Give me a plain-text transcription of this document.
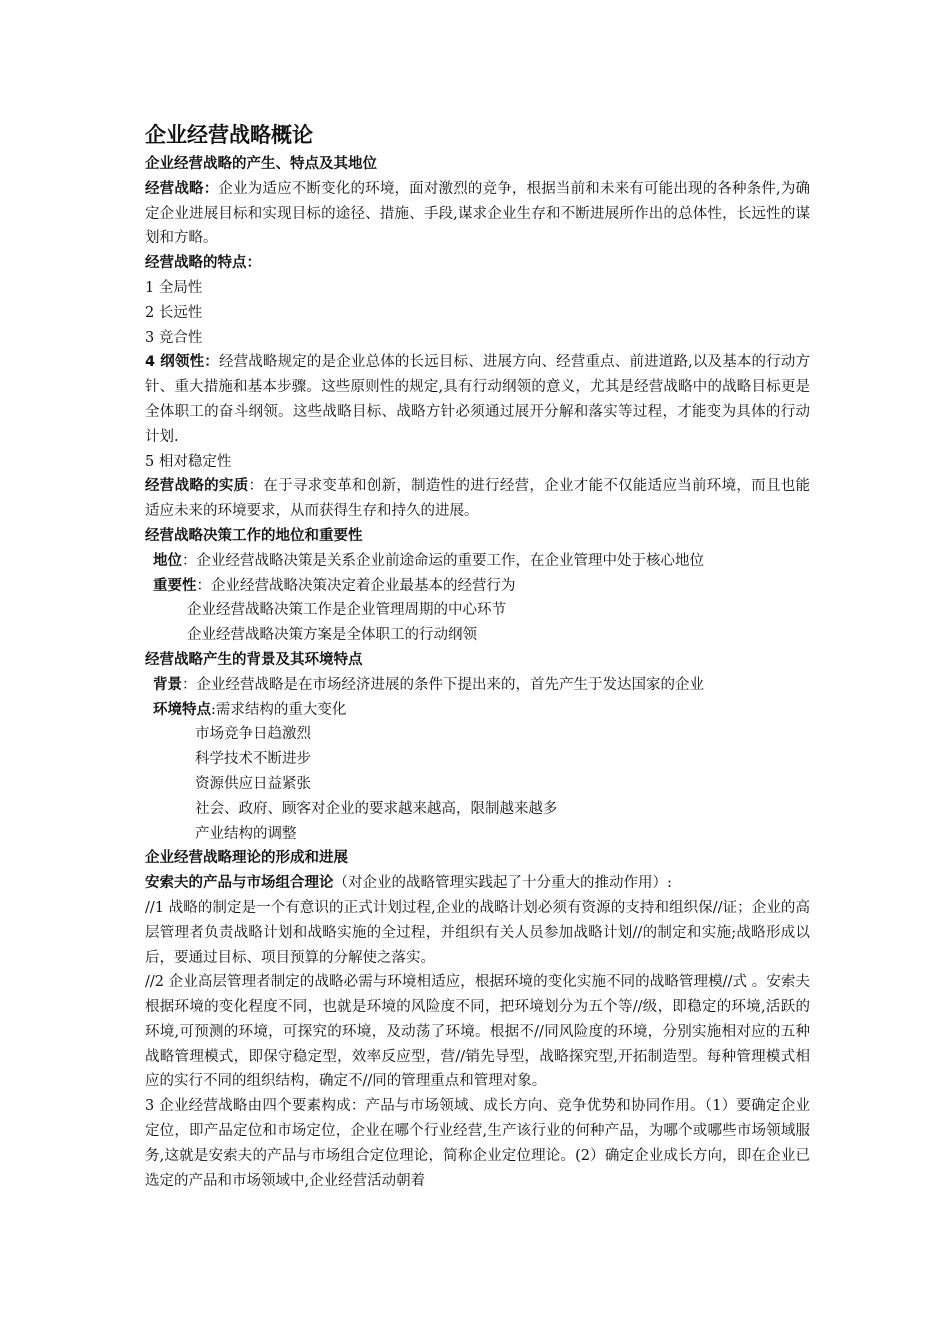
企业经营战略概论
企业经营战略的产生、特点及其地位

经营战略：企业为适应不断变化的环境，面对激烈的竞争，根据当前和未来有可能出现的各种条件,为确定企业进展目标和实现目标的途径、措施、手段,谋求企业生存和不断进展所作出的总体性，长远性的谋划和方略。

经营战略的特点：

1 全局性

2 长远性

3 竞合性

4 纲领性：经营战略规定的是企业总体的长远目标、进展方向、经营重点、前进道路,以及基本的行动方针、重大措施和基本步骤。这些原则性的规定,具有行动纲领的意义，尤其是经营战略中的战略目标更是全体职工的奋斗纲领。这些战略目标、战略方针必须通过展开分解和落实等过程，才能变为具体的行动计划.

5 相对稳定性

经营战略的实质：在于寻求变革和创新，制造性的进行经营，企业才能不仅能适应当前环境，而且也能适应未来的环境要求，从而获得生存和持久的进展。

经营战略决策工作的地位和重要性

地位：企业经营战略决策是关系企业前途命运的重要工作，在企业管理中处于核心地位

重要性：企业经营战略决策决定着企业最基本的经营行为

企业经营战略决策工作是企业管理周期的中心环节

企业经营战略决策方案是全体职工的行动纲领

经营战略产生的背景及其环境特点

背景：企业经营战略是在市场经济进展的条件下提出来的，首先产生于发达国家的企业

环境特点:需求结构的重大变化

市场竞争日趋激烈

科学技术不断进步

资源供应日益紧张

社会、政府、顾客对企业的要求越来越高，限制越来越多

产业结构的调整

企业经营战略理论的形成和进展

安索夫的产品与市场组合理论（对企业的战略管理实践起了十分重大的推动作用）:

//1 战略的制定是一个有意识的正式计划过程,企业的战略计划必须有资源的支持和组织保//证；企业的高层管理者负责战略计划和战略实施的全过程，并组织有关人员参加战略计划//的制定和实施;战略形成以后，要通过目标、项目预算的分解使之落实。

//2 企业高层管理者制定的战略必需与环境相适应，根据环境的变化实施不同的战略管理模//式 。安索夫根据环境的变化程度不同，也就是环境的风险度不同，把环境划分为五个等//级，即稳定的环境,活跃的环境,可预测的环境，可探究的环境，及动荡了环境。根据不//同风险度的环境，分别实施相对应的五种战略管理模式，即保守稳定型，效率反应型，营//销先导型，战略探究型,开拓制造型。每种管理模式相应的实行不同的组织结构，确定不//同的管理重点和管理对象。

3 企业经营战略由四个要素构成：产品与市场领域、成长方向、竞争优势和协同作用。（1）要确定企业定位，即产品定位和市场定位，企业在哪个行业经营,生产该行业的何种产品，为哪个或哪些市场领域服务,这就是安索夫的产品与市场组合定位理论，简称企业定位理论。(2）确定企业成长方向，即在企业已选定的产品和市场领域中,企业经营活动朝着
